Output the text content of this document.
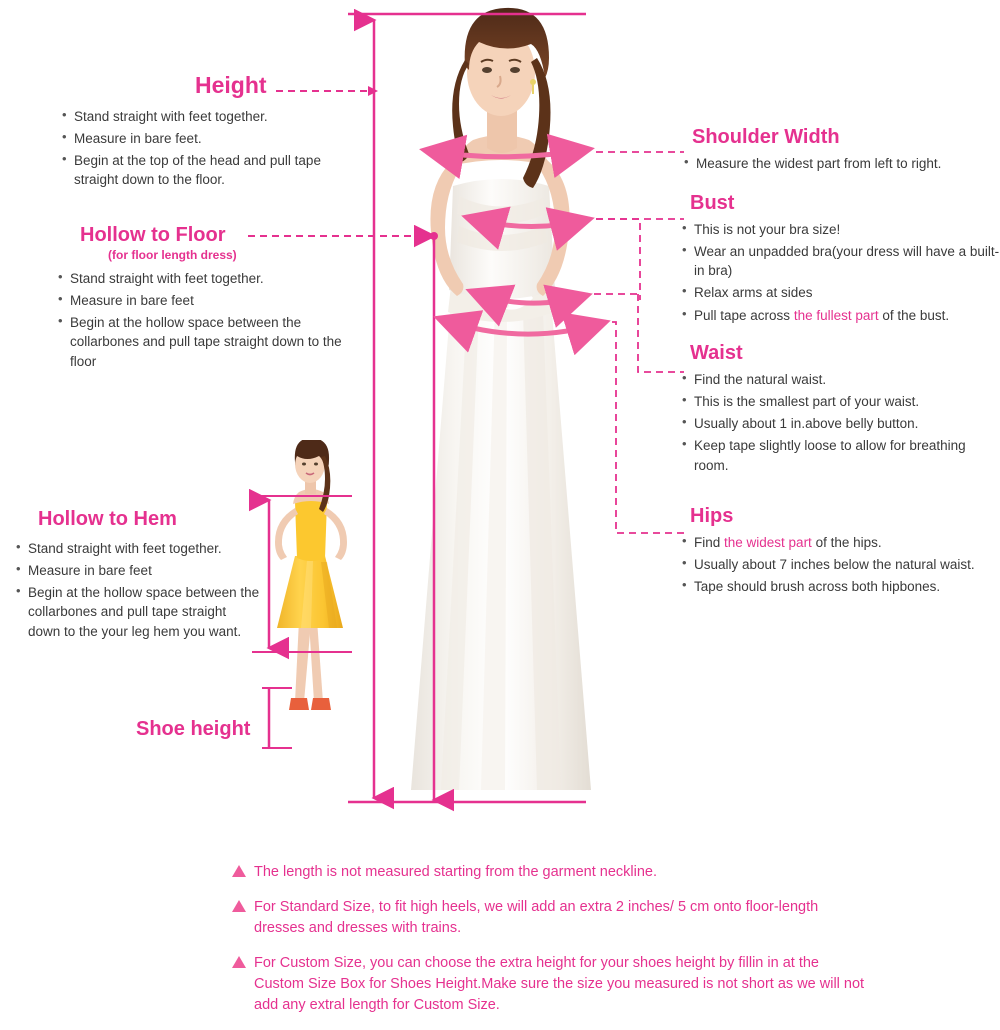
Height
• Stand straight with feet together.
• Measure in bare feet.
• Begin at the top of the head and pull tape straight down to the floor.
Hollow to Floor
(for floor length dress)
• Stand straight with feet together.
• Measure in bare feet
• Begin at the hollow space between the collarbones and pull tape straight down to the floor
Hollow to Hem
• Stand straight with feet together.
• Measure in bare feet
• Begin at the hollow space between the collarbones and pull tape straight down to the your leg hem you want.
Shoe height
Shoulder Width
• Measure the widest part from left to right.
Bust
• This is not your bra size!
• Wear an unpadded bra(your dress will have a built-in bra)
• Relax arms at sides
• Pull tape across the fullest part of the bust.
Waist
• Find the natural waist.
• This is the smallest part of your waist.
• Usually about 1 in.above belly button.
• Keep tape slightly loose to allow for breathing room.
Hips
• Find the widest part of the hips.
• Usually about 7 inches below the natural waist.
• Tape should brush across both hipbones.
The length is not measured starting from the garment neckline.
For Standard Size, to fit high heels, we will add an extra 2 inches/ 5 cm onto floor-length dresses and dresses with trains.
For Custom Size, you can choose the extra height for your shoes height by fillin in at the Custom Size Box for Shoes Height.Make sure the size you measured is not short as we will not add any extral length for Custom Size.
